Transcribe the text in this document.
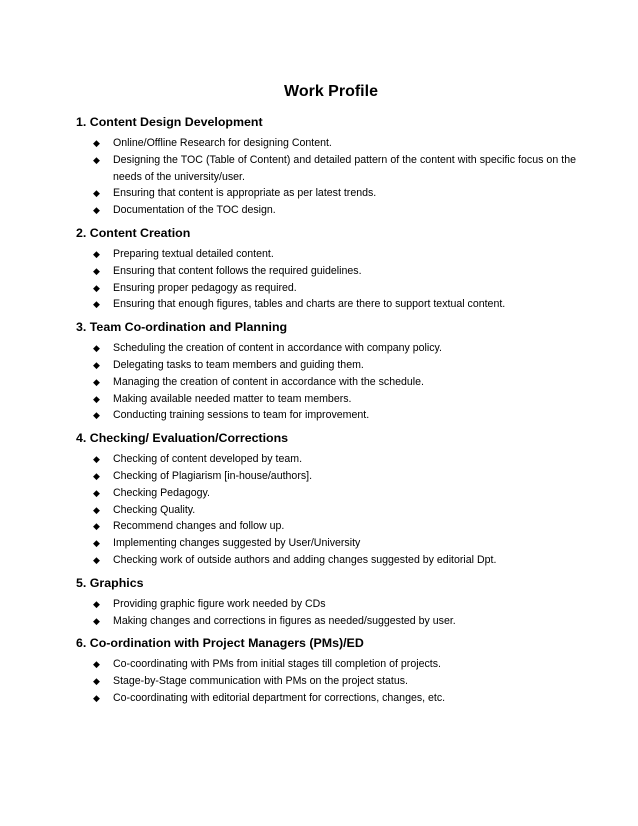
Work Profile
1. Content Design Development
◆ Online/Offline Research for designing Content.
◆ Designing the TOC (Table of Content) and detailed pattern of the content with specific focus on the needs of the university/user.
◆ Ensuring that content is appropriate as per latest trends.
◆ Documentation of the TOC design.
2. Content Creation
◆ Preparing textual detailed content.
◆ Ensuring that content follows the required guidelines.
◆ Ensuring proper pedagogy as required.
◆ Ensuring that enough figures, tables and charts are there to support textual content.
3. Team Co-ordination and Planning
◆ Scheduling the creation of content in accordance with company policy.
◆ Delegating tasks to team members and guiding them.
◆ Managing the creation of content in accordance with the schedule.
◆ Making available needed matter to team members.
◆ Conducting training sessions to team for improvement.
4. Checking/ Evaluation/Corrections
◆ Checking of content developed by team.
◆ Checking of Plagiarism [in-house/authors].
◆ Checking Pedagogy.
◆ Checking Quality.
◆ Recommend changes and follow up.
◆ Implementing changes suggested by User/University
◆ Checking work of outside authors and adding changes suggested by editorial Dpt.
5. Graphics
◆ Providing graphic figure work needed by CDs
◆ Making changes and corrections in figures as needed/suggested by user.
6. Co-ordination with Project Managers (PMs)/ED
◆ Co-coordinating with PMs from initial stages till completion of projects.
◆ Stage-by-Stage communication with PMs on the project status.
◆ Co-coordinating with editorial department for corrections, changes, etc.
